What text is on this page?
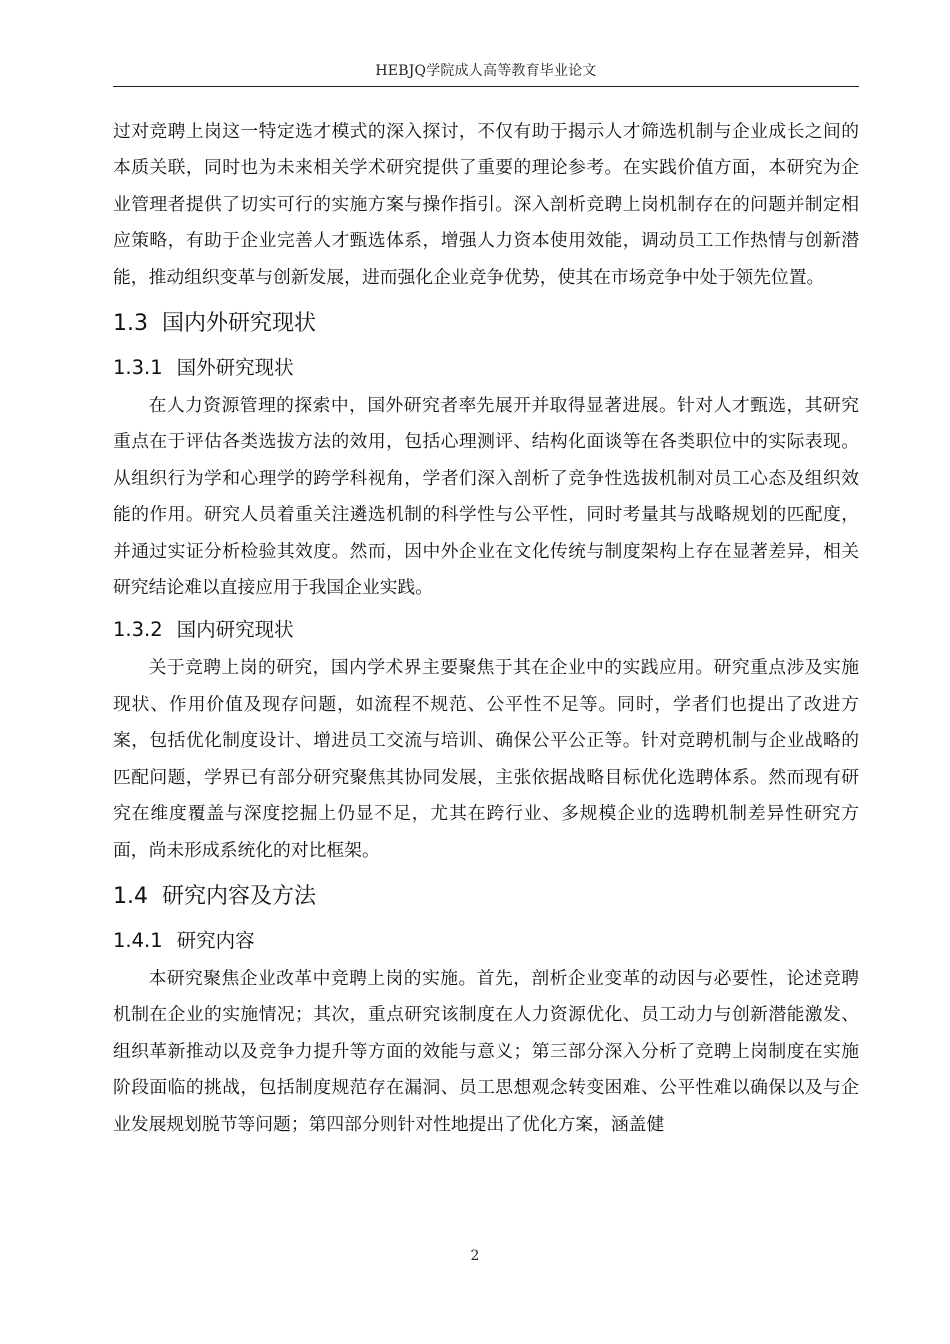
HEBJQ学院成人高等教育毕业论文

过对竞聘上岗这一特定选才模式的深入探讨，不仅有助于揭示人才筛选机制与企业成长之间的本质关联，同时也为未来相关学术研究提供了重要的理论参考。在实践价值方面，本研究为企业管理者提供了切实可行的实施方案与操作指引。深入剖析竞聘上岗机制存在的问题并制定相应策略，有助于企业完善人才甄选体系，增强人力资本使用效能，调动员工工作热情与创新潜能，推动组织变革与创新发展，进而强化企业竞争优势，使其在市场竞争中处于领先位置。

1.3 国内外研究现状
1.3.1 国外研究现状

在人力资源管理的探索中，国外研究者率先展开并取得显著进展。针对人才甄选，其研究重点在于评估各类选拔方法的效用，包括心理测评、结构化面谈等在各类职位中的实际表现。从组织行为学和心理学的跨学科视角，学者们深入剖析了竞争性选拔机制对员工心态及组织效能的作用。研究人员着重关注遴选机制的科学性与公平性，同时考量其与战略规划的匹配度，并通过实证分析检验其效度。然而，因中外企业在文化传统与制度架构上存在显著差异，相关研究结论难以直接应用于我国企业实践。

1.3.2 国内研究现状

关于竞聘上岗的研究，国内学术界主要聚焦于其在企业中的实践应用。研究重点涉及实施现状、作用价值及现存问题，如流程不规范、公平性不足等。同时，学者们也提出了改进方案，包括优化制度设计、增进员工交流与培训、确保公平公正等。针对竞聘机制与企业战略的匹配问题，学界已有部分研究聚焦其协同发展，主张依据战略目标优化选聘体系。然而现有研究在维度覆盖与深度挖掘上仍显不足，尤其在跨行业、多规模企业的选聘机制差异性研究方面，尚未形成系统化的对比框架。

1.4 研究内容及方法
1.4.1 研究内容

本研究聚焦企业改革中竞聘上岗的实施。首先，剖析企业变革的动因与必要性，论述竞聘机制在企业的实施情况；其次，重点研究该制度在人力资源优化、员工动力与创新潜能激发、组织革新推动以及竞争力提升等方面的效能与意义；第三部分深入分析了竞聘上岗制度在实施阶段面临的挑战，包括制度规范存在漏洞、员工思想观念转变困难、公平性难以确保以及与企业发展规划脱节等问题；第四部分则针对性地提出了优化方案，涵盖健

2
